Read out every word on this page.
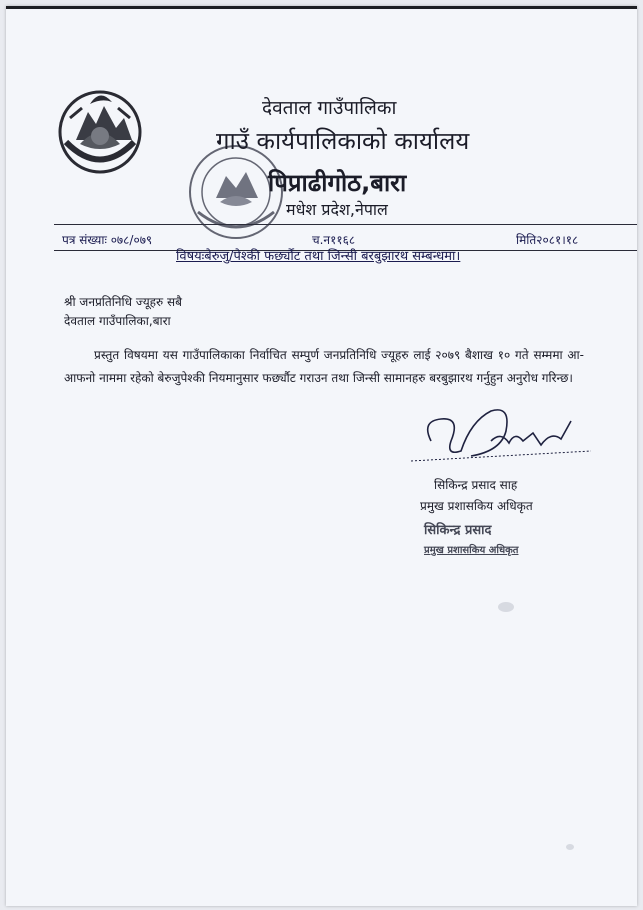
देवताल गाउँपालिका
गाउँ कार्यपालिकाको कार्यालय
पिप्राढीगोठ,बारा
मधेश प्रदेश,नेपाल
पत्र संख्याः ०७८/०७९	च.न११६८	मिति२०८१।१८
विषयःबेरुजु/पेश्की फर्छ्यौट तथा जिन्सी बरबुझारथ सम्बन्धमा।
श्री जनप्रतिनिधि ज्यूहरु सबै
देवताल गाउँपालिका,बारा
प्रस्तुत विषयमा यस गाउँपालिकाका निर्वाचित सम्पुर्ण जनप्रतिनिधि ज्यूहरु लाई २०७९ बैशाख १० गते सम्ममा आ-आफनो नाममा रहेको बेरुजुपेश्की नियमानुसार फर्छ्यौट गराउन तथा जिन्सी सामानहरु बरबुझारथ गर्नुहुन अनुरोध गरिन्छ।
सिकिन्द्र प्रसाद साह
प्रमुख प्रशासकिय अधिकृत
सिकिन्द्र प्रसाद
प्रमुख प्रशासकिय अधिकृत
